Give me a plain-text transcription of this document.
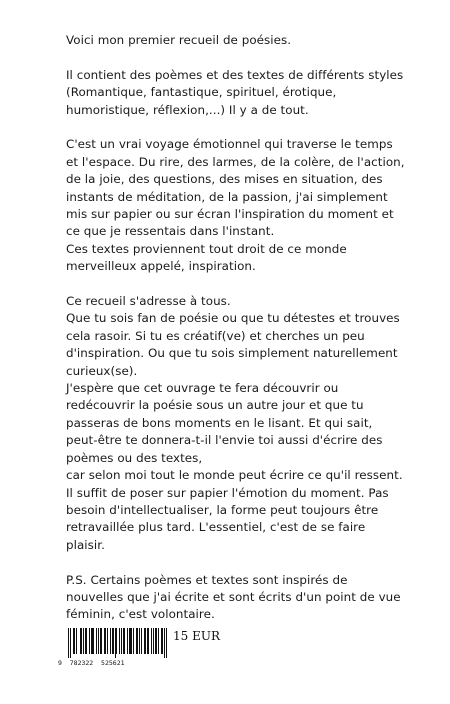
Voici mon premier recueil de poésies.

Il contient des poèmes et des textes de différents styles (Romantique, fantastique, spirituel, érotique, humoristique, réflexion,...) Il y a de tout.

C'est un vrai voyage émotionnel qui traverse le temps et l'espace. Du rire, des larmes, de la colère, de l'action, de la joie, des questions, des mises en situation, des instants de méditation, de la passion, j'ai simplement mis sur papier ou sur écran l'inspiration du moment et ce que je ressentais dans l'instant.

Ces textes proviennent tout droit de ce monde merveilleux appelé, inspiration.

Ce recueil s'adresse à tous.

Que tu sois fan de poésie ou que tu détestes et trouves cela rasoir. Si tu es créatif(ve) et cherches un peu d'inspiration. Ou que tu sois simplement naturellement curieux(se).

J'espère que cet ouvrage te fera découvrir ou redécouvrir la poésie sous un autre jour et que tu passeras de bons moments en le lisant. Et qui sait, peut-être te donnera-t-il l'envie toi aussi d'écrire des poèmes ou des textes,

car selon moi tout le monde peut écrire ce qu'il ressent. Il suffit de poser sur papier l'émotion du moment. Pas besoin d'intellectualiser, la forme peut toujours être retravaillée plus tard. L'essentiel, c'est de se faire plaisir.

P.S. Certains poèmes et textes sont inspirés de nouvelles que j'ai écrite et sont écrits d'un point de vue féminin, c'est volontaire.

9  782322  525621
15 EUR
